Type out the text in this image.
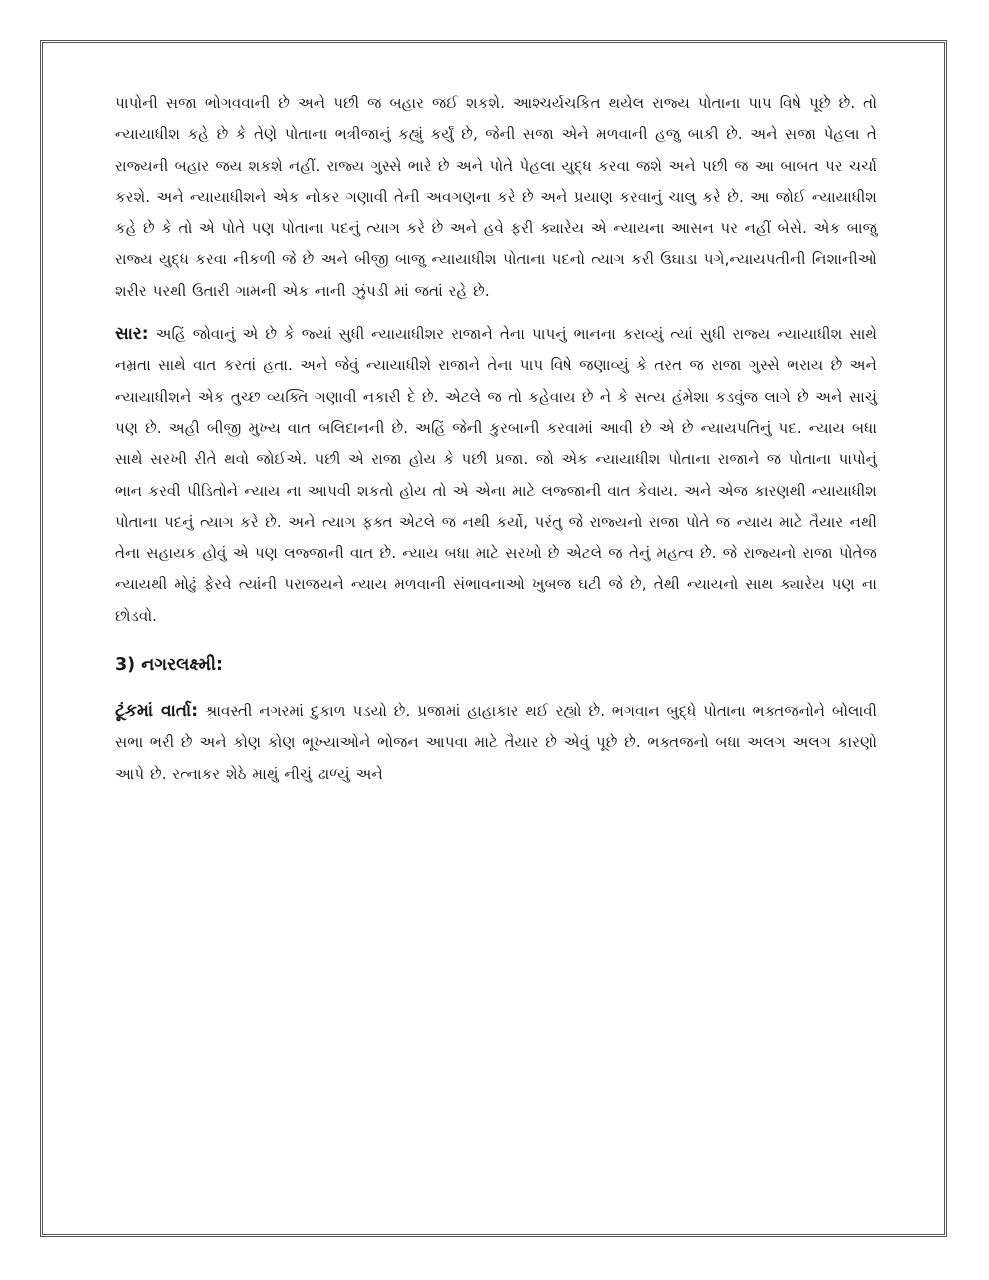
પાપોની સજા ભોગવવાની છે અને પછી જ બહાર જઈ શકશે. આશ્ચર્યચકિત થયેલ રાજ્ય પોતાના પાપ વિષે પૂછે છે. તો ન્યાયાધીશ કહે છે કે તેણે પોતાના ભત્રીજાનું કહ્યું કર્યું છે, જેની સજા એને મળવાની હજુ બાકી છે. અને સજા પેહલા તે રાજ્યની બહાર જય શકશે નહીં. રાજ્ય ગુસ્સે ભારે છે અને પોતે પેહલા યુદ્ધ કરવા જશે અને પછી જ આ બાબત પર ચર્ચા કરશે. અને ન્યાયાધીશને એક નોકર ગણાવી તેની અવગણના કરે છે અને પ્રયાણ કરવાનું ચાલુ કરે છે. આ જોઈ ન્યાયાધીશ કહે છે કે તો એ પોતે પણ પોતાના પદનું ત્યાગ કરે છે અને હવે ફરી ક્યારેય એ ન્યાયના આસન પર નહીં બેસે. એક બાજુ રાજ્ય યુદ્ધ કરવા નીકળી જે છે અને બીજી બાજુ ન્યાયાધીશ પોતાના પદનો ત્યાગ કરી ઉઘાડા પગે,ન્યાયપતીની નિશાનીઓ શરીર પરથી ઉતારી ગામની એક નાની ઝુંપડી માં જતાં રહે છે.

સાર: અહિં જોવાનું એ છે કે જ્યાં સુધી ન્યાયાધીશર રાજાને તેના પાપનું ભાનના કરાવ્યું ત્યાં સુધી રાજ્ય ન્યાયાધીશ સાથે નમ્રતા સાથે વાત કરતાં હતા. અને જેવું ન્યાયાધીશે રાજાને તેના પાપ વિષે જણાવ્યું કે તરત જ રાજા ગુસ્સે ભરાય છે અને ન્યાયાધીશને એક તુચ્છ વ્યક્તિ ગણાવી નકારી દે છે. એટલે જ તો કહેવાય છે ને કે સત્ય હંમેશા કડવુંજ લાગે છે અને સાચું પણ છે. અહી બીજી મુખ્ય વાત બલિદાનની છે. અહિં જેની કુરબાની કરવામાં આવી છે એ છે ન્યાયપતિનું પદ. ન્યાય બધા સાથે સરખી રીતે થવો જોઈએ. પછી એ રાજા હોય કે પછી પ્રજા. જો એક ન્યાયાધીશ પોતાના રાજાને જ પોતાના પાપોનું ભાન કરવી પીડિતોને ન્યાય ના આપવી શકતો હોય તો એ એના માટે લજ્જાની વાત કેવાય. અને એજ કારણથી ન્યાયાધીશ પોતાના પદનું ત્યાગ કરે છે. અને ત્યાગ ફક્ત એટલે જ નથી કર્યો, પરંતુ જે રાજ્યનો રાજા પોતે જ ન્યાય માટે તૈયાર નથી તેના સહાયક હોવું એ પણ લજ્જાની વાત છે. ન્યાય બધા માટે સરખો છે એટલે જ તેનું મહત્વ છે. જે રાજ્યનો રાજા પોતેજ ન્યાયથી મોઢું ફેરવે ત્યાંની પરાજયને ન્યાય મળવાની સંભાવનાઓ ખુબજ ઘટી જે છે, તેથી ન્યાયનો સાથ ક્યારેય પણ ના છોડવો.

3) નગરલક્ષ્મી:

ટૂંકમાં વાર્તા: શ્રાવસ્તી નગરમાં દુકાળ પડયો છે. પ્રજામાં હાહાકાર થઈ રહ્યો છે. ભગવાન બુદ્ધે પોતાના ભક્તજનોને બોલાવી સભા ભરી છે અને કોણ કોણ ભૂખ્યાઓને ભોજન આપવા માટે તૈયાર છે એવું પૂછે છે. ભક્તજનો બધા અલગ અલગ કારણો આપે છે. રત્નાકર શેઠે માથું નીચું ઢાળ્યું અને
